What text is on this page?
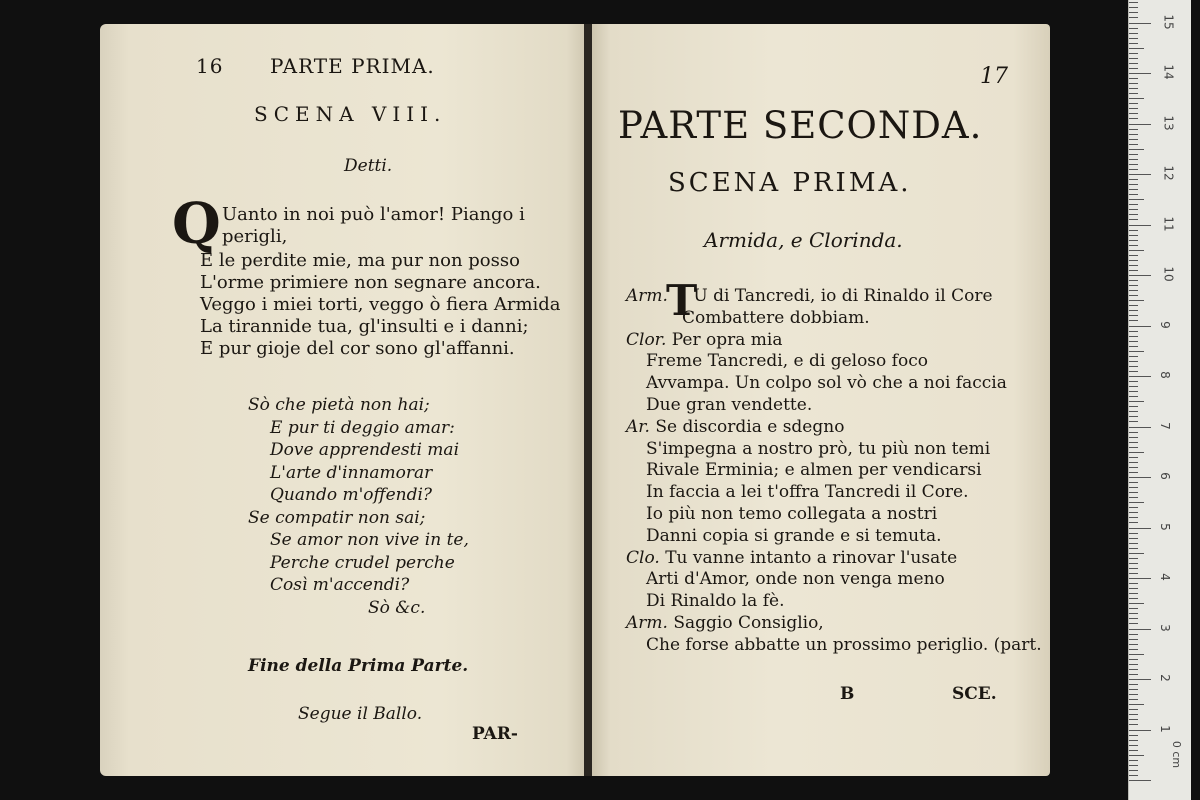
16 PARTE PRIMA.
SCENA VIII.
Detti.
Q Uanto in noi può l'amor! Piango i
perigli,
E le perdite mie, ma pur non posso
L'orme primiere non segnare ancora.
Veggo i miei torti, veggo ò fiera Armida
La tirannide tua, gl'insulti e i danni;
E pur gioje del cor sono gl'affanni.
Sò che pietà non hai;
E pur ti deggio amar:
Dove apprendesti mai
L'arte d'innamorar
Quando m'offendi?
Se compatir non sai;
Se amor non vive in te,
Perche crudel perche
Così m'accendi?
Sò &c.
Fine della Prima Parte.
Segue il Ballo.
PAR-
17
PARTE SECONDA.
SCENA PRIMA.
Armida, e Clorinda.
Arm.
T
U di Tancredi, io di Rinaldo il Core
Combattere dobbiam.
Clor. Per opra mia
Freme Tancredi, e di geloso foco
Avvampa. Un colpo sol vò che a noi faccia
Due gran vendette.
Ar. Se discordia e sdegno
S'impegna a nostro prò, tu più non temi
Rivale Erminia; e almen per vendicarsi
In faccia a lei t'offra Tancredi il Core.
Io più non temo collegata a nostri
Danni copia si grande e si temuta.
Clo. Tu vanne intanto a rinovar l'usate
Arti d'Amor, onde non venga meno
Di Rinaldo la fè.
Arm. Saggio Consiglio,
Che forse abbatte un prossimo periglio. (part.
B	SCE.
0 cm
15
14
13
12
11
10
9
8
7
6
5
4
3
2
1
